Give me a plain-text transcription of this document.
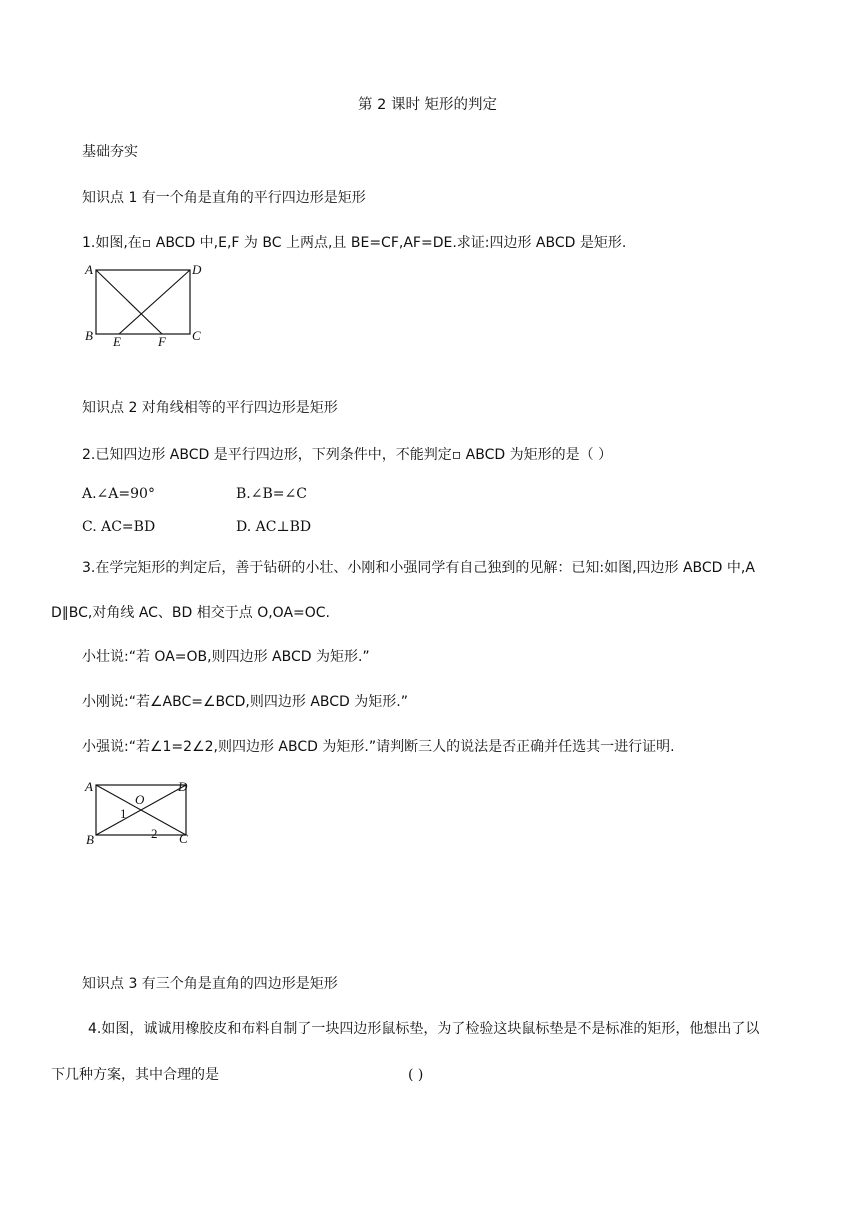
第 2 课时 矩形的判定
基础夯实
知识点 1 有一个角是直角的平行四边形是矩形
1.如图,在▫ ABCD 中,E,F 为 BC 上两点,且 BE=CF,AF=DE.求证:四边形 ABCD 是矩形.
A	D
B	C
E	F
知识点 2 对角线相等的平行四边形是矩形
2.已知四边形 ABCD 是平行四边形，下列条件中，不能判定▫ ABCD 为矩形的是（ ）
A.∠A=90°	B.∠B=∠C
C. AC=BD	D. AC⊥BD
3.在学完矩形的判定后，善于钻研的小壮、小刚和小强同学有自己独到的见解：已知:如图,四边形 ABCD 中,A
D∥BC,对角线 AC、BD 相交于点 O,OA=OC.
小壮说:“若 OA=OB,则四边形 ABCD 为矩形.”
小刚说:“若∠ABC=∠BCD,则四边形 ABCD 为矩形.”
小强说:“若∠1=2∠2,则四边形 ABCD 为矩形.”请判断三人的说法是否正确并任选其一进行证明.
A
O
D
1
2
B	C
知识点 3 有三个角是直角的四边形是矩形
4.如图，诚诚用橡胶皮和布料自制了一块四边形鼠标垫，为了检验这块鼠标垫是不是标准的矩形，他想出了以
下几种方案，其中合理的是	( )
